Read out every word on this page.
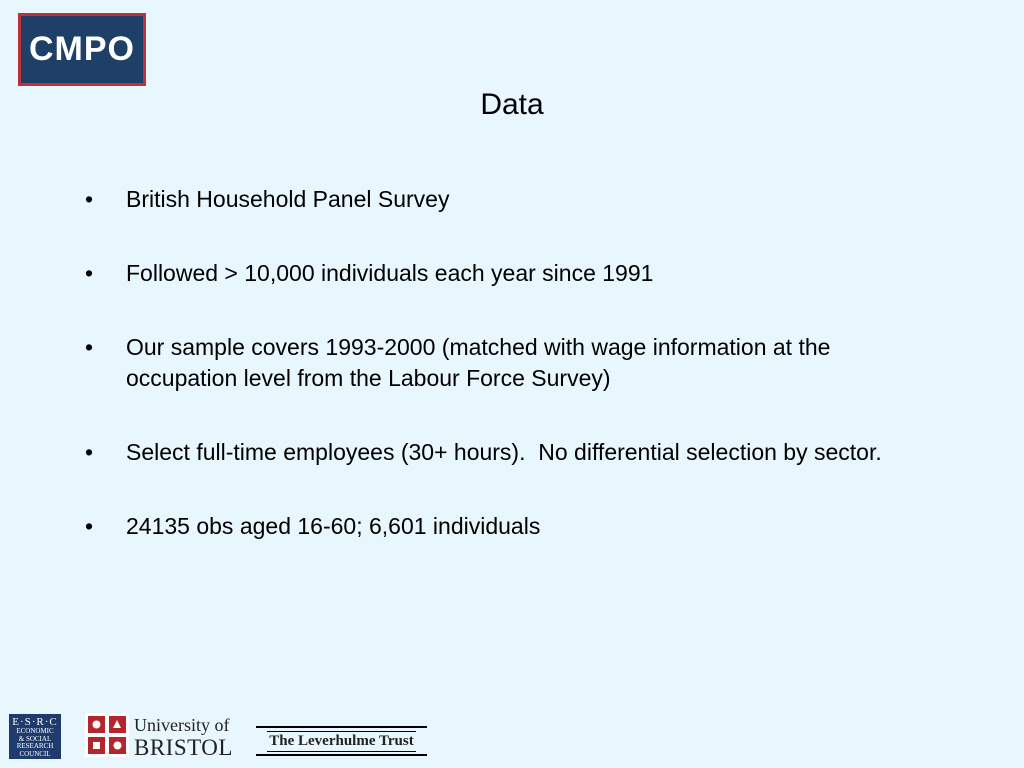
CMPO
Data
•	British Household Panel Survey
•	Followed > 10,000 individuals each year since 1991
•	Our sample covers 1993-2000 (matched with wage information at the occupation level from the Labour Force Survey)
•	Select full-time employees (30+ hours).  No differential selection by sector.
•	24135 obs aged 16-60; 6,601 individuals
E·S·R·C
ECONOMIC
& SOCIAL
RESEARCH
COUNCIL
University of
BRISTOL The Leverhulme Trust
